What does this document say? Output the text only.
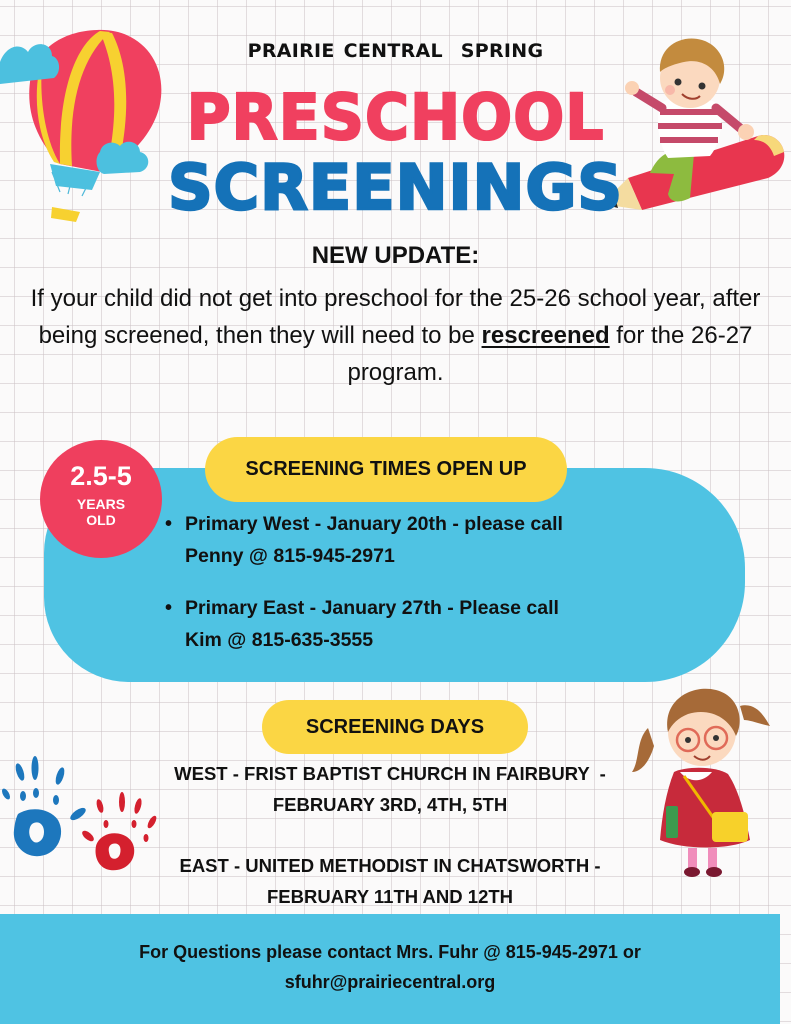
PRAIRIE CENTRAL  SPRING
PRESCHOOL
SCREENINGS
NEW UPDATE:
If your child did not get into preschool for the 25-26 school year, after being screened, then they will need to be rescreened for the 26-27 program.
SCREENING TIMES OPEN UP
2.5-5
YEARS
OLD	• Primary West - January 20th - please call
Penny @ 815-945-2971
• Primary East - January 27th - Please call
Kim @ 815-635-3555
SCREENING DAYS
WEST - FRIST BAPTIST CHURCH IN FAIRBURY  -
FEBRUARY 3RD, 4TH, 5TH
EAST - UNITED METHODIST IN CHATSWORTH -
FEBRUARY 11TH AND 12TH
For Questions please contact Mrs. Fuhr @ 815-945-2971 or
sfuhr@prairiecentral.org
